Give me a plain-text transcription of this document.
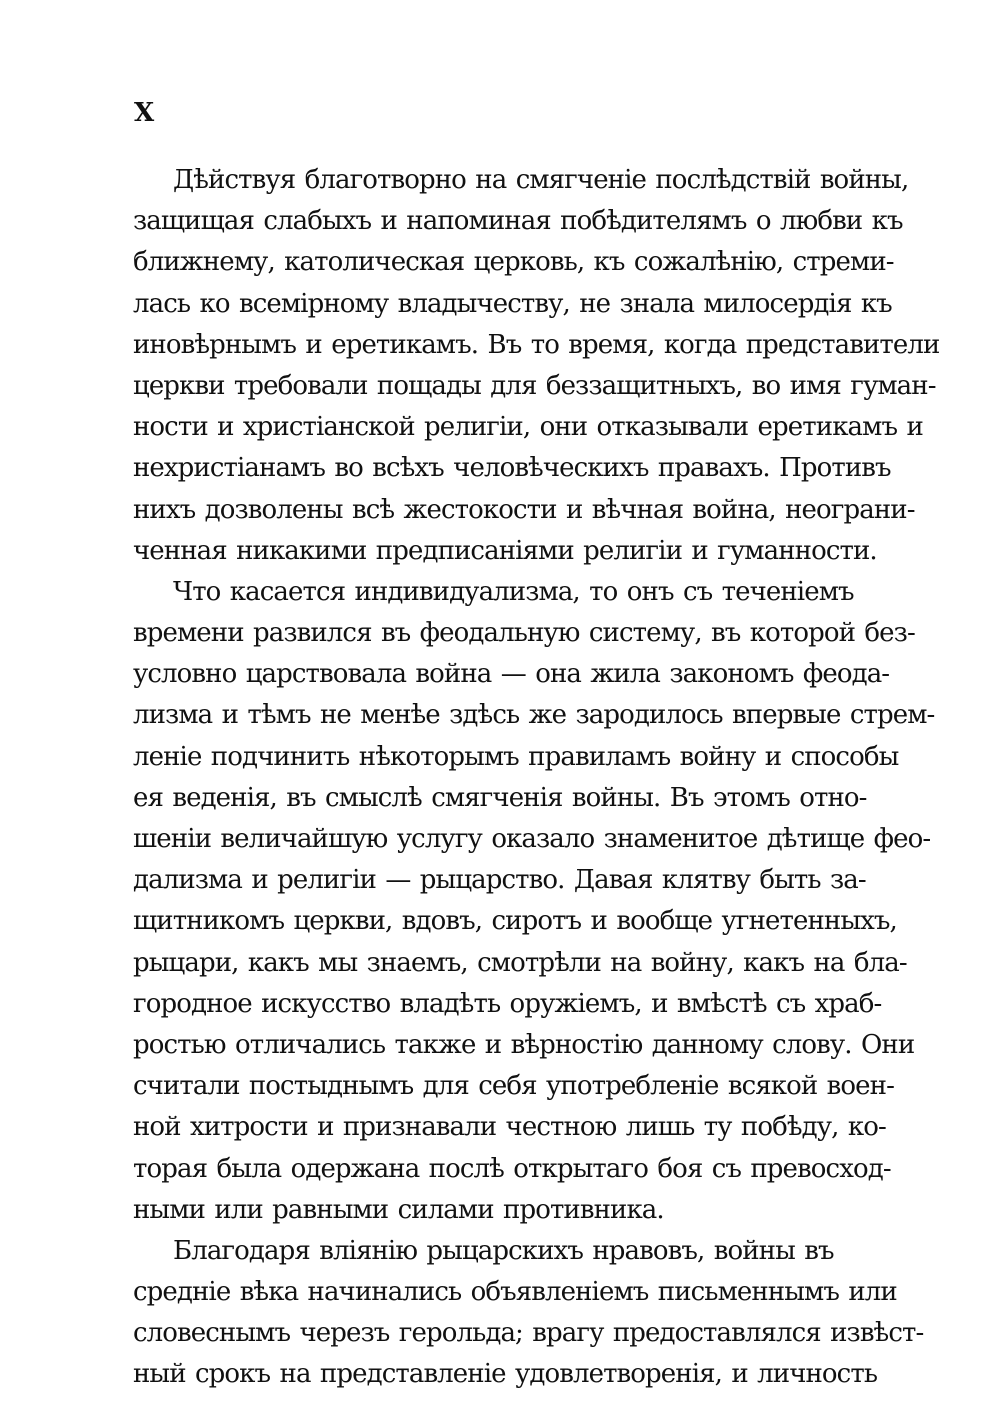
X
Дѣйствуя благотворно на смягченіе послѣдствій войны,
защищая слабыхъ и напоминая побѣдителямъ о любви къ
ближнему, католическая церковь, къ сожалѣнію, стреми-
лась ко всемірному владычеству, не знала милосердія къ
иновѣрнымъ и еретикамъ. Въ то время, когда представители
церкви требовали пощады для беззащитныхъ, во имя гуман-
ности и христіанской религіи, они отказывали еретикамъ и
нехристіанамъ во всѣхъ человѣческихъ правахъ. Противъ
нихъ дозволены всѣ жестокости и вѣчная война, неограни-
ченная никакими предписаніями религіи и гуманности.
Что касается индивидуализма, то онъ съ теченіемъ
времени развился въ феодальную систему, въ которой без-
условно царствовала война — она жила закономъ феода-
лизма и тѣмъ не менѣе здѣсь же зародилось впервые стрем-
леніе подчинить нѣкоторымъ правиламъ войну и способы
ея веденія, въ смыслѣ смягченія войны. Въ этомъ отно-
шеніи величайшую услугу оказало знаменитое дѣтище фео-
дализма и религіи — рыцарство. Давая клятву быть за-
щитникомъ церкви, вдовъ, сиротъ и вообще угнетенныхъ,
рыцари, какъ мы знаемъ, смотрѣли на войну, какъ на бла-
городное искусство владѣть оружіемъ, и вмѣстѣ съ храб-
ростью отличались также и вѣрностію данному слову. Они
считали постыднымъ для себя употребленіе всякой воен-
ной хитрости и признавали честною лишь ту побѣду, ко-
торая была одержана послѣ открытаго боя съ превосход-
ными или равными силами противника.
Благодаря вліянію рыцарскихъ нравовъ, войны въ
средніе вѣка начинались объявленіемъ письменнымъ или
словеснымъ черезъ герольда; врагу предоставлялся извѣст-
ный срокъ на представленіе удовлетворенія, и личность
